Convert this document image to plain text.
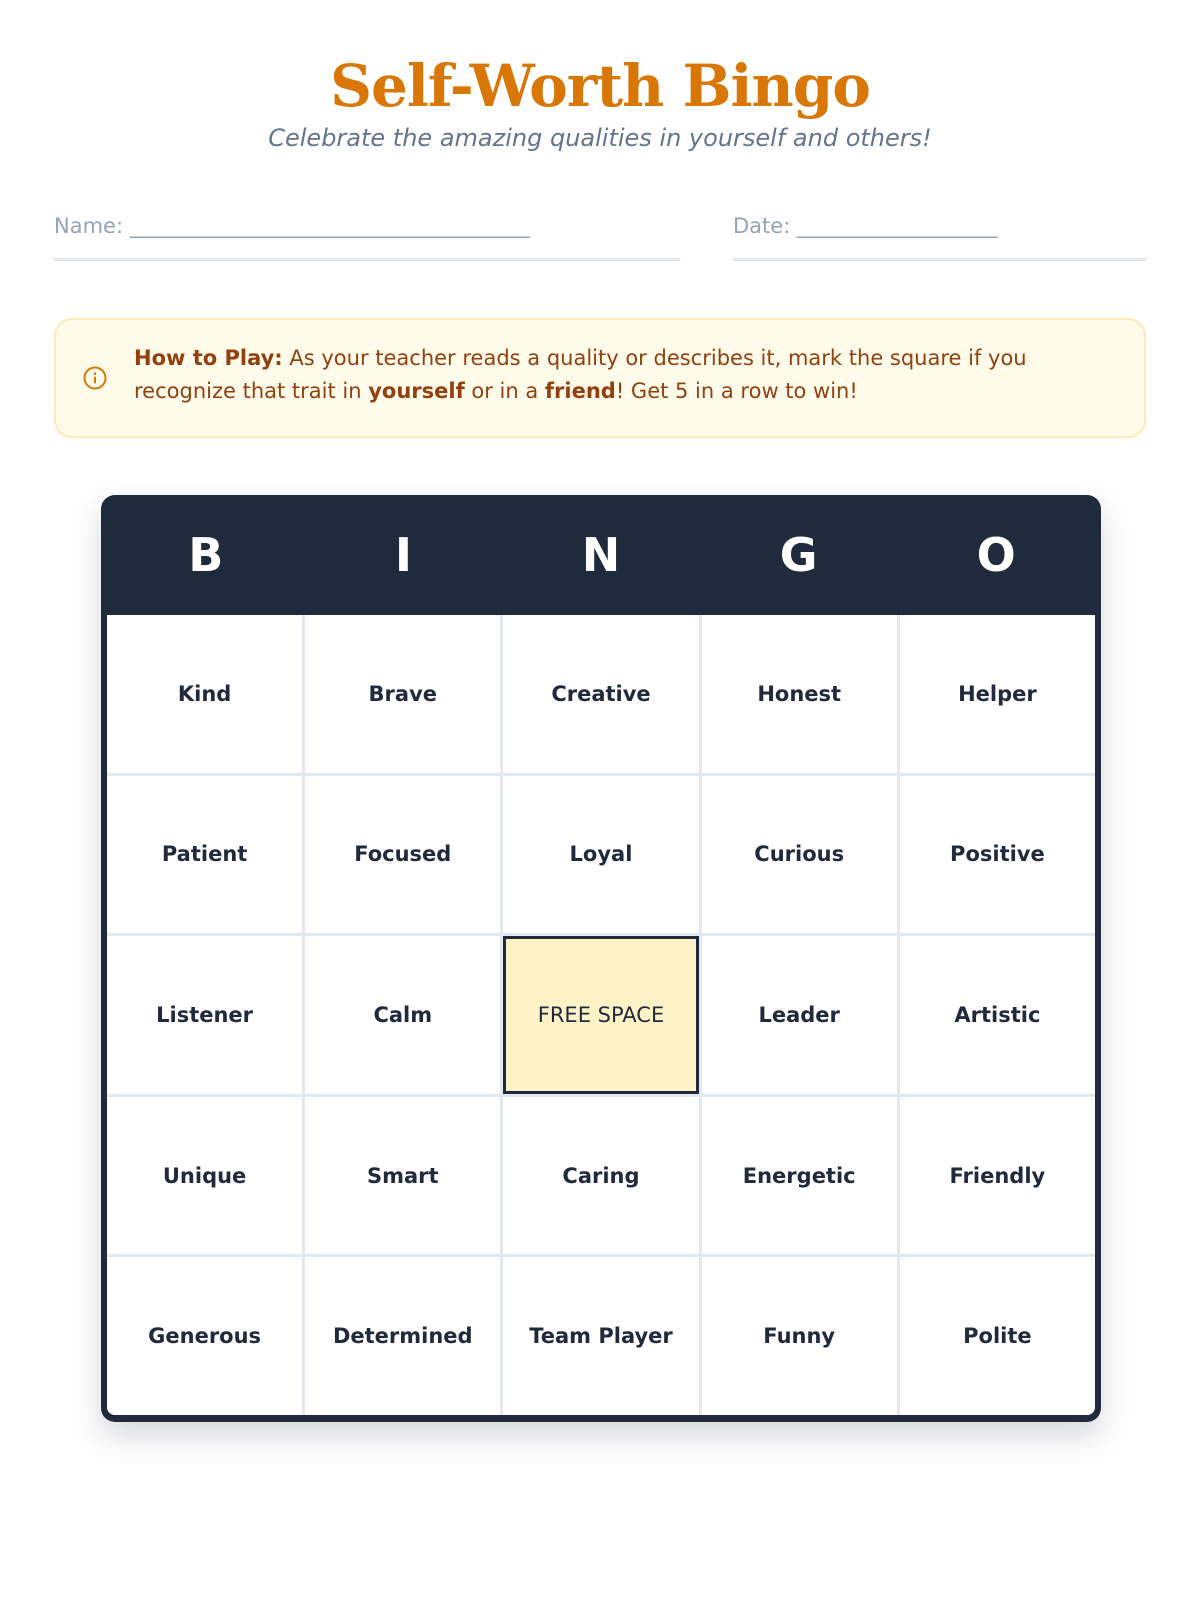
Self-Worth Bingo
Celebrate the amazing qualities in yourself and others!
Name: __________________________________________	Date: _____________________
How to Play: As your teacher reads a quality or describes it, mark the square if you recognize that trait in yourself or in a friend! Get 5 in a row to win!
B	I	N	G	O
Kind	Brave	Creative	Honest	Helper
Patient	Focused	Loyal	Curious	Positive
Listener	Calm	FREE SPACE	Leader	Artistic
Unique	Smart	Caring	Energetic	Friendly
Generous	Determined	Team Player	Funny	Polite
